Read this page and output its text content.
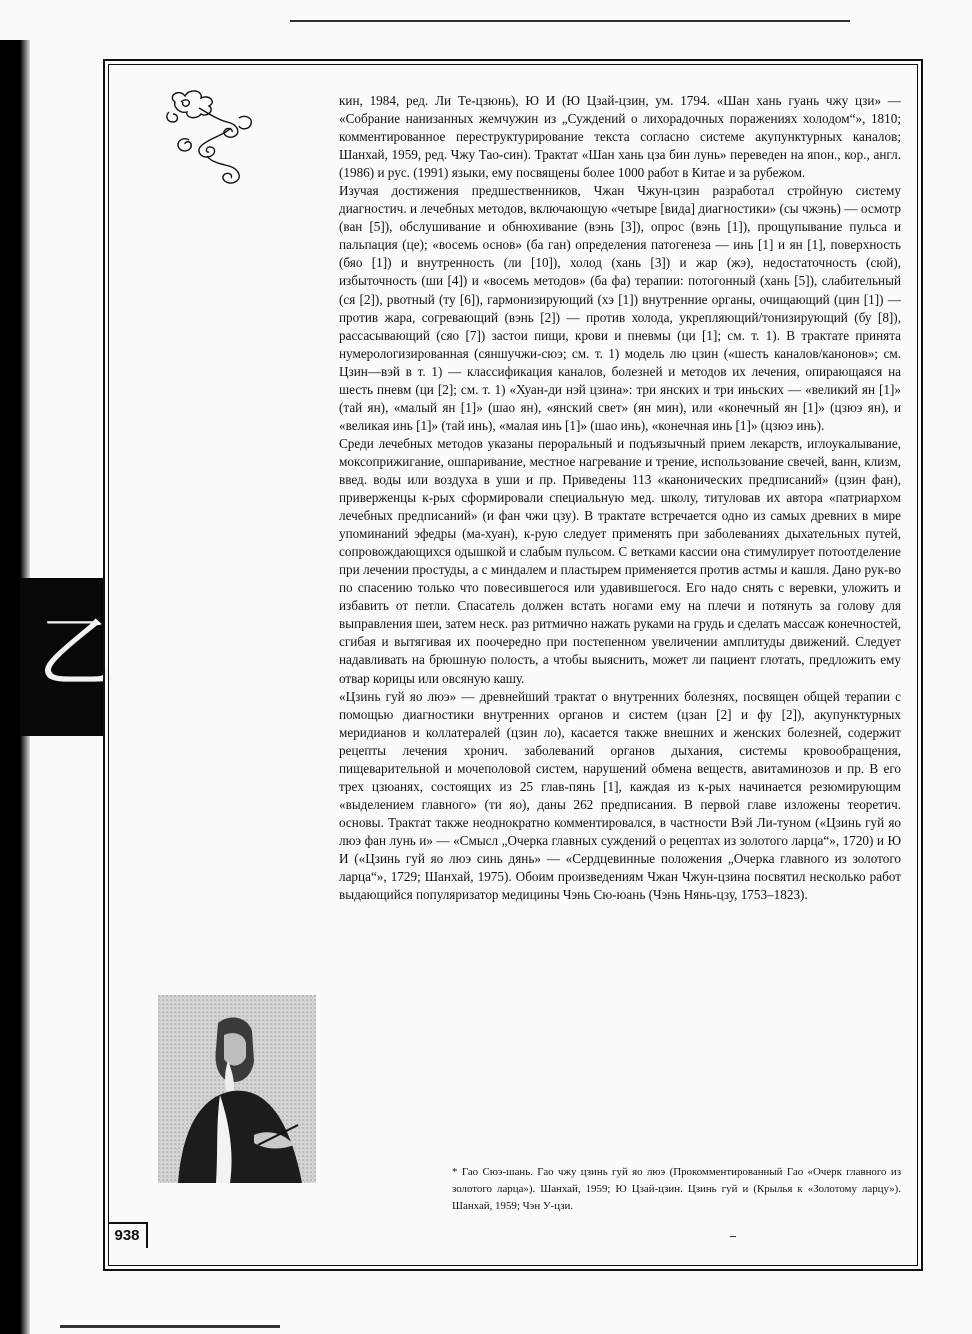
乙

кин, 1984, ред. Ли Те-цзюнь), Ю И (Ю Цзай-цзин, ум. 1794. «Шан хань гуань чжу цзи» — «Собрание нанизанных жемчужин из „Суждений о лихорадочных поражениях холодом“», 1810; комментированное переструктурирование текста согласно системе акупунктурных каналов; Шанхай, 1959, ред. Чжу Тао-син). Трактат «Шан хань цза бин лунь» переведен на япон., кор., англ. (1986) и рус. (1991) языки, ему посвящены более 1000 работ в Китае и за рубежом.

Изучая достижения предшественников, Чжан Чжун-цзин разработал стройную систему диагностич. и лечебных методов, включающую «четыре [вида] диагностики» (сы чжэнь) — осмотр (ван [5]), обслушивание и обнюхивание (вэнь [3]), опрос (вэнь [1]), прощупывание пульса и пальпация (це); «восемь основ» (ба ган) определения патогенеза — инь [1] и ян [1], поверхность (бяо [1]) и внутренность (ли [10]), холод (хань [3]) и жар (жэ), недостаточность (сюй), избыточность (ши [4]) и «восемь методов» (ба фа) терапии: потогонный (хань [5]), слабительный (ся [2]), рвотный (ту [6]), гармонизирующий (хэ [1]) внутренние органы, очищающий (цин [1]) — против жара, согревающий (вэнь [2]) — против холода, укрепляющий/тонизирующий (бу [8]), рассасывающий (сяо [7]) застои пищи, крови и пневмы (ци [1]; см. т. 1). В трактате принята нумерологизированная (сяншучжи-сюэ; см. т. 1) модель лю цзин («шесть каналов/канонов»; см. Цзин—вэй в т. 1) — классификация каналов, болезней и методов их лечения, опирающаяся на шесть пневм (ци [2]; см. т. 1) «Хуан-ди нэй цзина»: три янских и три иньских — «великий ян [1]» (тай ян), «малый ян [1]» (шао ян), «янский свет» (ян мин), или «конечный ян [1]» (цзюэ ян), и «великая инь [1]» (тай инь), «малая инь [1]» (шао инь), «конечная инь [1]» (цзюэ инь).

Среди лечебных методов указаны пероральный и подъязычный прием лекарств, иглоукалывание, моксоприжигание, ошпаривание, местное нагревание и трение, использование свечей, ванн, клизм, введ. воды или воздуха в уши и пр. Приведены 113 «канонических предписаний» (цзин фан), приверженцы к-рых сформировали специальную мед. школу, титуловав их автора «патриархом лечебных предписаний» (и фан чжи цзу). В трактате встречается одно из самых древних в мире упоминаний эфедры (ма-хуан), к-рую следует применять при заболеваниях дыхательных путей, сопровождающихся одышкой и слабым пульсом. С ветками кассии она стимулирует потоотделение при лечении простуды, а с миндалем и пластырем применяется против астмы и кашля. Дано рук-во по спасению только что повесившегося или удавившегося. Его надо снять с веревки, уложить и избавить от петли. Спасатель должен встать ногами ему на плечи и потянуть за голову для выправления шеи, затем неск. раз ритмично нажать руками на грудь и сделать массаж конечностей, сгибая и вытягивая их поочередно при постепенном увеличении амплитуды движений. Следует надавливать на брюшную полость, а чтобы выяснить, может ли пациент глотать, предложить ему отвар корицы или овсяную кашу.

«Цзинь гуй яо люэ» — древнейший трактат о внутренних болезнях, посвящен общей терапии с помощью диагностики внутренних органов и систем (цзан [2] и фу [2]), акупунктурных меридианов и коллатералей (цзин ло), касается также внешних и женских болезней, содержит рецепты лечения хронич. заболеваний органов дыхания, системы кровообращения, пищеварительной и мочеполовой систем, нарушений обмена веществ, авитаминозов и пр. В его трех цзюанях, состоящих из 25 глав-пянь [1], каждая из к-рых начинается резюмирующим «выделением главного» (ти яо), даны 262 предписания. В первой главе изложены теоретич. основы. Трактат также неоднократно комментировался, в частности Вэй Ли-туном («Цзинь гуй яо люэ фан лунь и» — «Смысл „Очерка главных суждений о рецептах из золотого ларца“», 1720) и Ю И («Цзинь гуй яо люэ синь дянь» — «Сердцевинные положения „Очерка главного из золотого ларца“», 1729; Шанхай, 1975). Обоим произведениям Чжан Чжун-цзина посвятил несколько работ выдающийся популяризатор медицины Чэнь Сю-юань (Чэнь Нянь-цзу, 1753–1823).

* Гао Сюэ-шань. Гао чжу цзинь гуй яо люэ (Прокомментированный Гао «Очерк главного из золотого ларца»). Шанхай, 1959; Ю Цзай-цзин. Цзинь гуй и (Крылья к «Золотому ларцу»). Шанхай, 1959; Чэн У-цзи.
938
